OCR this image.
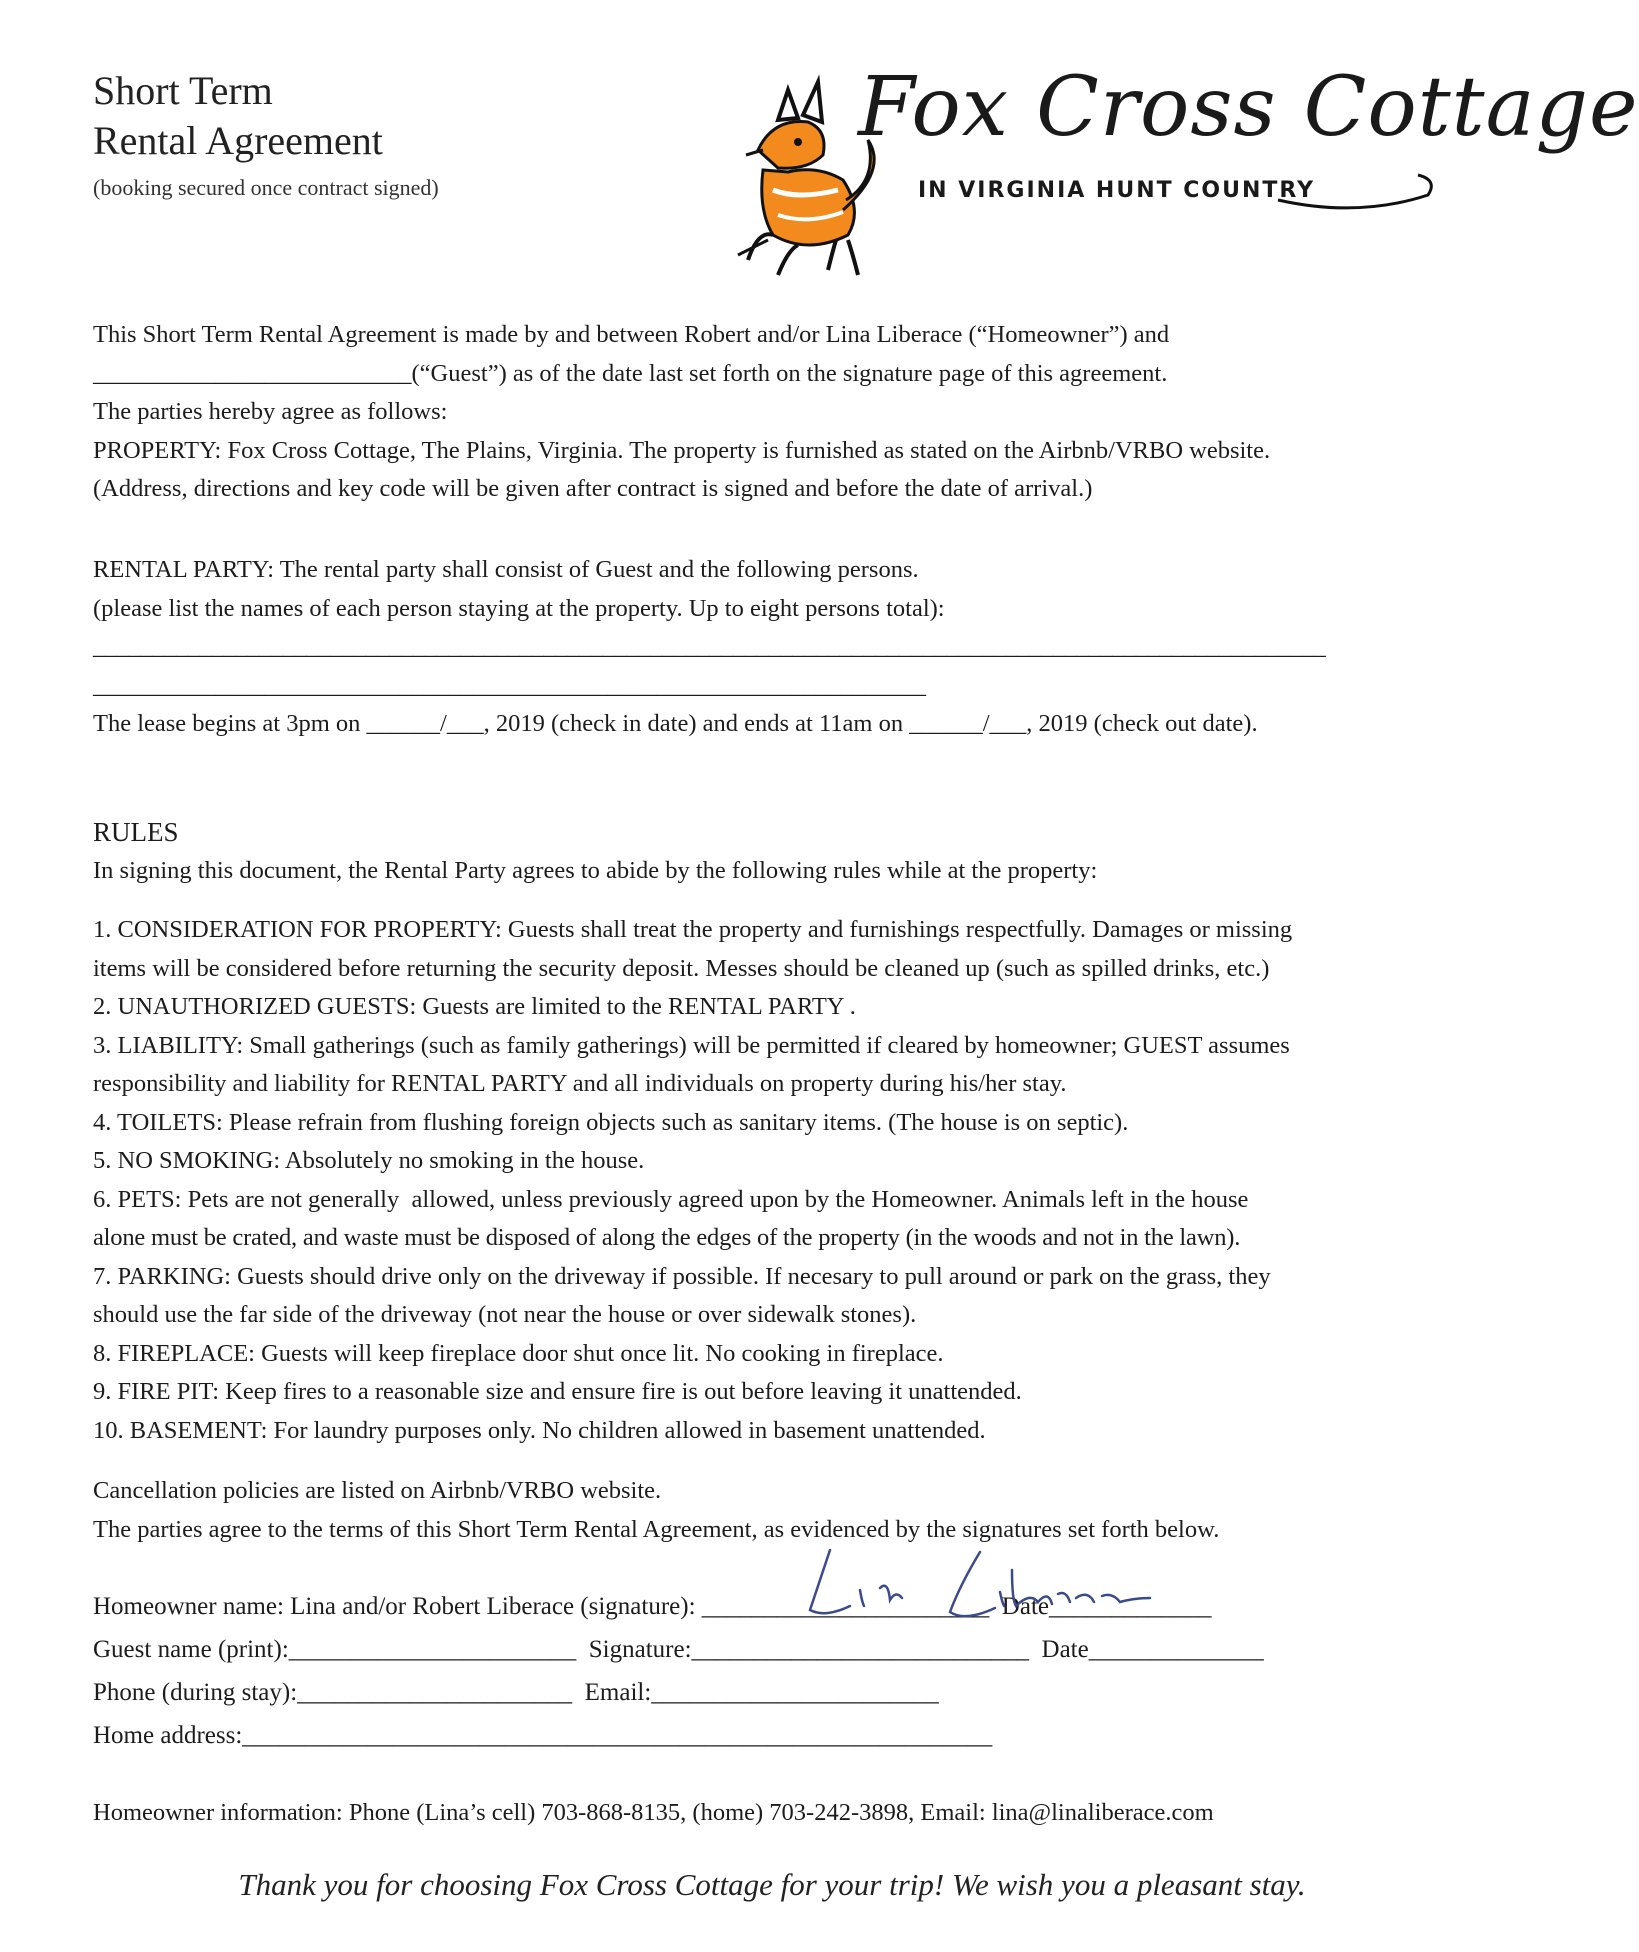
Short Term
Rental Agreement
(booking secured once contract signed)
Fox Cross Cottage
IN VIRGINIA HUNT COUNTRY
This Short Term Rental Agreement is made by and between Robert and/or Lina Liberace (“Homeowner”) and
__________________________(“Guest”) as of the date last set forth on the signature page of this agreement.
The parties hereby agree as follows:
PROPERTY: Fox Cross Cottage, The Plains, Virginia. The property is furnished as stated on the Airbnb/VRBO website.
(Address, directions and key code will be given after contract is signed and before the date of arrival.)
RENTAL PARTY: The rental party shall consist of Guest and the following persons.
(please list the names of each person staying at the property. Up to eight persons total):
________________________________________________________________________________________________________
____________________________________________________________________
The lease begins at 3pm on ______/___, 2019 (check in date) and ends at 11am on ______/___, 2019 (check out date).
RULES
In signing this document, the Rental Party agrees to abide by the following rules while at the property:
1. CONSIDERATION FOR PROPERTY: Guests shall treat the property and furnishings respectfully. Damages or missing
items will be considered before returning the security deposit. Messes should be cleaned up (such as spilled drinks, etc.)
2. UNAUTHORIZED GUESTS: Guests are limited to the RENTAL PARTY .
3. LIABILITY: Small gatherings (such as family gatherings) will be permitted if cleared by homeowner; GUEST assumes
responsibility and liability for RENTAL PARTY and all individuals on property during his/her stay.
4. TOILETS: Please refrain from flushing foreign objects such as sanitary items. (The house is on septic).
5. NO SMOKING: Absolutely no smoking in the house.
6. PETS: Pets are not generally  allowed, unless previously agreed upon by the Homeowner. Animals left in the house
alone must be crated, and waste must be disposed of along the edges of the property (in the woods and not in the lawn).
7. PARKING: Guests should drive only on the driveway if possible. If necesary to pull around or park on the grass, they
should use the far side of the driveway (not near the house or over sidewalk stones).
8. FIREPLACE: Guests will keep fireplace door shut once lit. No cooking in fireplace.
9. FIRE PIT: Keep fires to a reasonable size and ensure fire is out before leaving it unattended.
10. BASEMENT: For laundry purposes only. No children allowed in basement unattended.
Cancellation policies are listed on Airbnb/VRBO website.
The parties agree to the terms of this Short Term Rental Agreement, as evidenced by the signatures set forth below.
Homeowner name: Lina and/or Robert Liberace (signature): _______________________  Date_____________
Guest name (print):_______________________  Signature:___________________________  Date______________
Phone (during stay):______________________  Email:_______________________
Home address:____________________________________________________________
Homeowner information: Phone (Lina’s cell) 703-868-8135, (home) 703-242-3898, Email: lina@linaliberace.com
Thank you for choosing Fox Cross Cottage for your trip! We wish you a pleasant stay.
